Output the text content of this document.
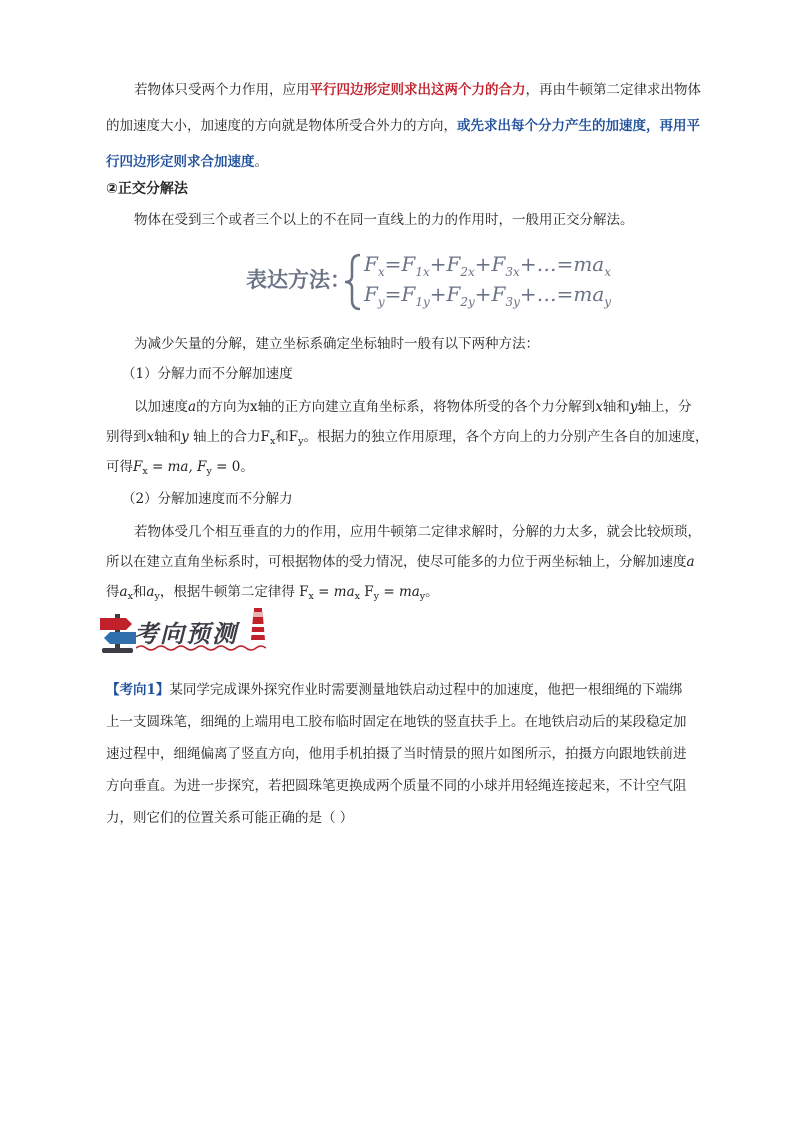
若物体只受两个力作用，应用平行四边形定则求出这两个力的合力，再由牛顿第二定律求出物体的加速度大小，加速度的方向就是物体所受合外力的方向，或先求出每个分力产生的加速度，再用平行四边形定则求合加速度。

②正交分解法
物体在受到三个或者三个以上的不在同一直线上的力的作用时，一般用正交分解法。
表达方法：
$F_x=F_{1x}+F_{2x}+F_{3x}+\dots=ma_x$
$F_y=F_{1y}+F_{2y}+F_{3y}+\dots=ma_y$
为减少矢量的分解，建立坐标系确定坐标轴时一般有以下两种方法：
（1）分解力而不分解加速度
以加速度a的方向为x轴的正方向建立直角坐标系，将物体所受的各个力分解到x轴和y轴上，分
别得到x轴和y 轴上的合力$F_x$和$F_y$。根据力的独立作用原理，各个方向上的力分别产生各自的加速度，
可得$F_x$ = ma, $F_y = 0$。
（2）分解加速度而不分解力
若物体受几个相互垂直的力的作用，应用牛顿第二定律求解时，分解的力太多，就会比较烦琐，
所以在建立直角坐标系时，可根据物体的受力情况，使尽可能多的力位于两坐标轴上，分解加速度a
得$a_x$和$a_y$，根据牛顿第二定律得 $F_x = ma_x$ $F_y = ma_y$。
考向预测
【考向1】某同学完成课外探究作业时需要测量地铁启动过程中的加速度，他把一根细绳的下端绑
上一支圆珠笔，细绳的上端用电工胶布临时固定在地铁的竖直扶手上。在地铁启动后的某段稳定加
速过程中，细绳偏离了竖直方向，他用手机拍摄了当时情景的照片如图所示，拍摄方向跟地铁前进
方向垂直。为进一步探究，若把圆珠笔更换成两个质量不同的小球并用轻绳连接起来，不计空气阻
力，则它们的位置关系可能正确的是（ ）
